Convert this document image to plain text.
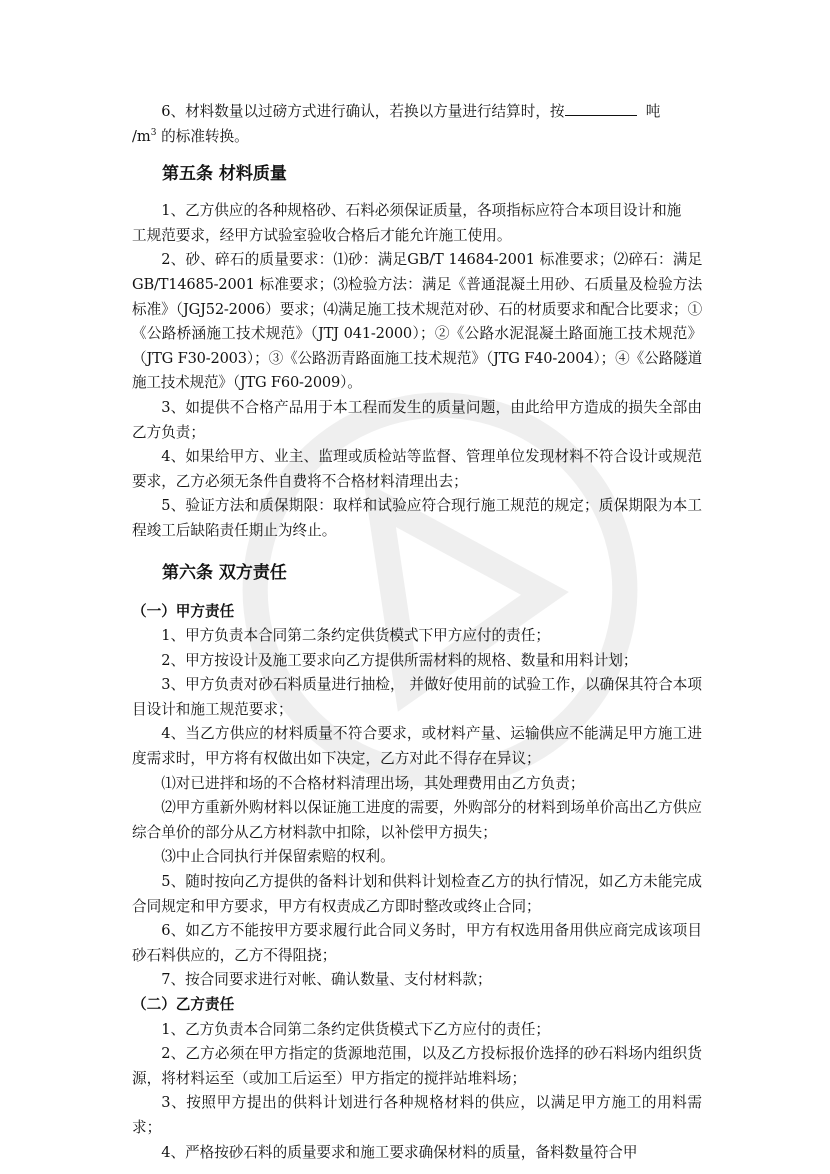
6、材料数量以过磅方式进行确认，若换以方量进行结算时，按	吨

$/m^3$ 的标准转换。

第五条 材料质量

1、乙方供应的各种规格砂、石料必须保证质量，各项指标应符合本项目设计和施

工规范要求，经甲方试验室验收合格后才能允许施工使用。

2、砂、碎石的质量要求：⑴砂：满足GB/T 14684-2001 标准要求；⑵碎石：满足GB/T14685-2001 标准要求；⑶检验方法：满足《普通混凝土用砂、石质量及检验方法标准》（JGJ52-2006）要求；⑷满足施工技术规范对砂、石的材质要求和配合比要求；①《公路桥涵施工技术规范》（JTJ 041-2000）；②《公路水泥混凝土路面施工技术规范》（JTG F30-2003）；③《公路沥青路面施工技术规范》（JTG F40-2004）；④《公路隧道施工技术规范》（JTG F60-2009）。

3、如提供不合格产品用于本工程而发生的质量问题，由此给甲方造成的损失全部由乙方负责；

4、如果给甲方、业主、监理或质检站等监督、管理单位发现材料不符合设计或规范要求，乙方必须无条件自费将不合格材料清理出去；

5、验证方法和质保期限：取样和试验应符合现行施工规范的规定；质保期限为本工程竣工后缺陷责任期止为终止。

第六条 双方责任
（一）甲方责任

1、甲方负责本合同第二条约定供货模式下甲方应付的责任；

2、甲方按设计及施工要求向乙方提供所需材料的规格、数量和用料计划；

3、甲方负责对砂石料质量进行抽检， 并做好使用前的试验工作，以确保其符合本项目设计和施工规范要求；

4、当乙方供应的材料质量不符合要求，或材料产量、运输供应不能满足甲方施工进度需求时，甲方将有权做出如下决定，乙方对此不得存在异议；

⑴对已进拌和场的不合格材料清理出场，其处理费用由乙方负责；

⑵甲方重新外购材料以保证施工进度的需要，外购部分的材料到场单价高出乙方供应综合单价的部分从乙方材料款中扣除，以补偿甲方损失；

⑶中止合同执行并保留索赔的权利。

5、随时按向乙方提供的备料计划和供料计划检查乙方的执行情况，如乙方未能完成合同规定和甲方要求，甲方有权责成乙方即时整改或终止合同；

6、如乙方不能按甲方要求履行此合同义务时，甲方有权选用备用供应商完成该项目砂石料供应的，乙方不得阻挠；

7、按合同要求进行对帐、确认数量、支付材料款；

（二）乙方责任

1、乙方负责本合同第二条约定供货模式下乙方应付的责任；

2、乙方必须在甲方指定的货源地范围，以及乙方投标报价选择的砂石料场内组织货源，将材料运至（或加工后运至）甲方指定的搅拌站堆料场；

3、按照甲方提出的供料计划进行各种规格材料的供应，以满足甲方施工的用料需求；

4、严格按砂石料的质量要求和施工要求确保材料的质量，备料数量符合甲
